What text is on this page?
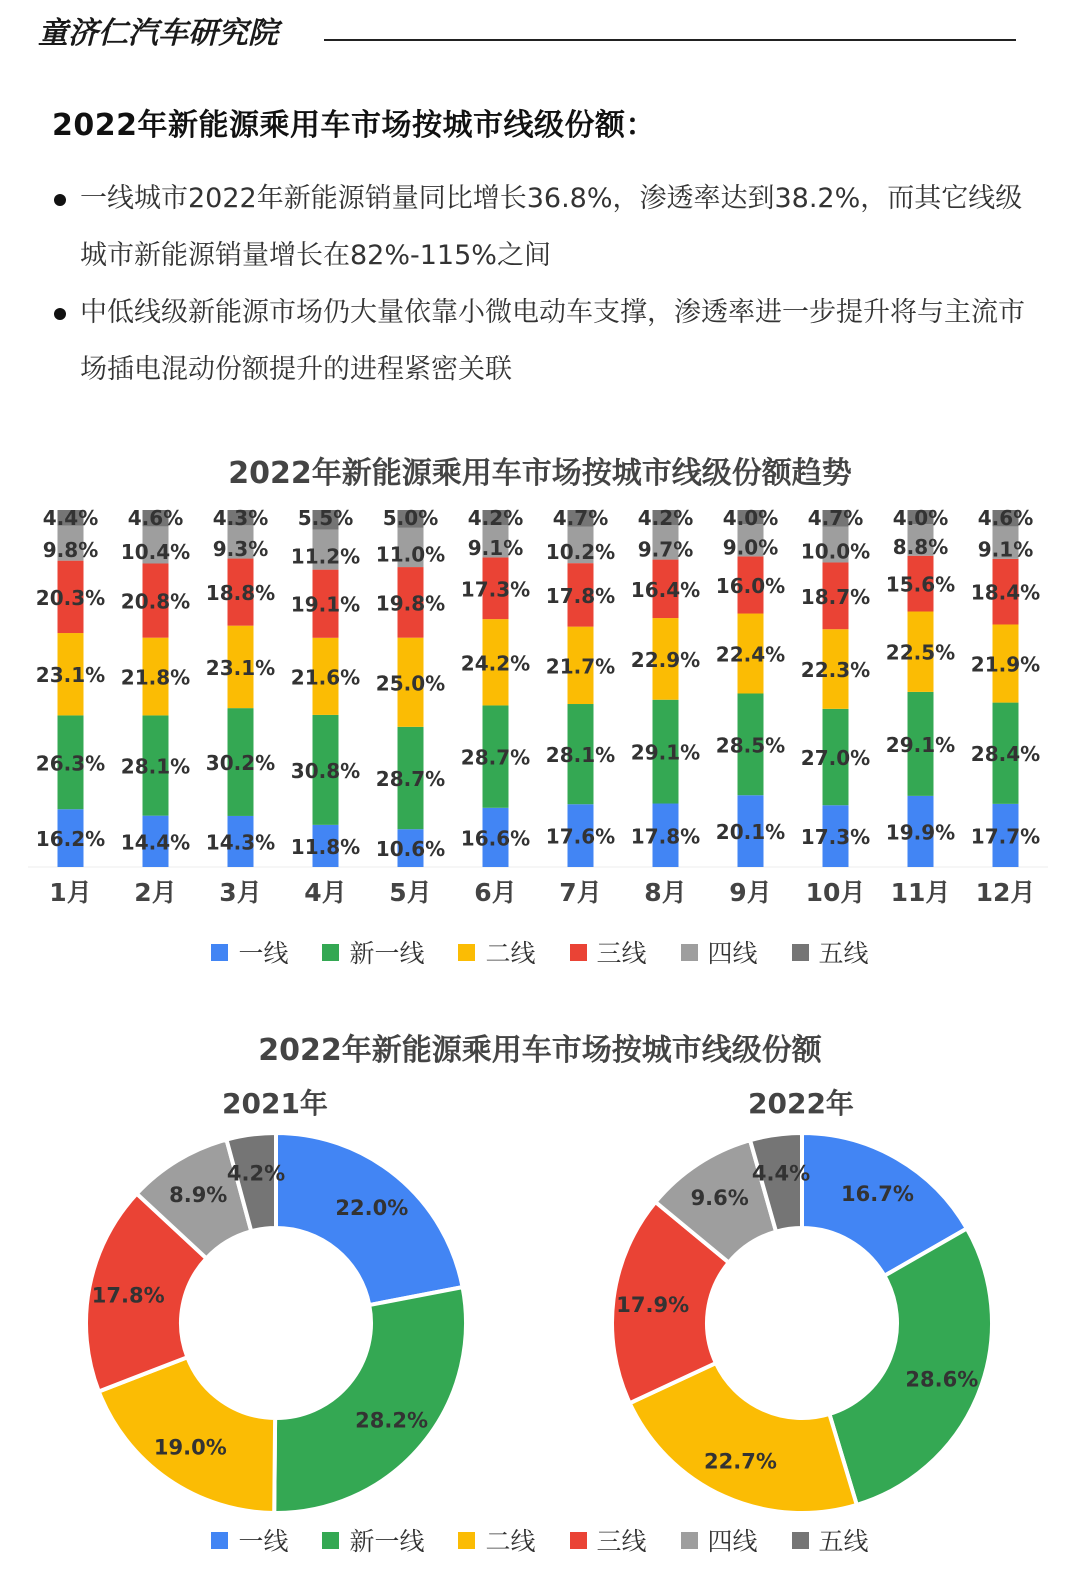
童济仁汽车研究院
2022年新能源乘用车市场按城市线级份额：
一线城市2022年新能源销量同比增长36.8%，渗透率达到38.2%，而其它线级城市新能源销量增长在82%-115%之间
中低线级新能源市场仍大量依靠小微电动车支撑，渗透率进一步提升将与主流市场插电混动份额提升的进程紧密关联
2022年新能源乘用车市场按城市线级份额趋势
16.2%
26.3%
23.1%
20.3%
9.8%
4.4%
1月
14.4%
28.1%
21.8%
20.8%
10.4%
4.6%
2月
14.3%
30.2%
23.1%
18.8%
9.3%
4.3%
3月
11.8%
30.8%
21.6%
19.1%
11.2%
5.5%
4月
10.6%
28.7%
25.0%
19.8%
11.0%
5.0%
5月
16.6%
28.7%
24.2%
17.3%
9.1%
4.2%
6月
17.6%
28.1%
21.7%
17.8%
10.2%
4.7%
7月
17.8%
29.1%
22.9%
16.4%
9.7%
4.2%
8月
20.1%
28.5%
22.4%
16.0%
9.0%
4.0%
9月
17.3%
27.0%
22.3%
18.7%
10.0%
4.7%
10月
19.9%
29.1%
22.5%
15.6%
8.8%
4.0%
11月
17.7%
28.4%
21.9%
18.4%
9.1%
4.6%
12月
一线 新一线 二线 三线 四线 五线
2022年新能源乘用车市场按城市线级份额
2021年	2022年
22.0%
28.2%
19.0%
17.8%
8.9%
4.2%
16.7%
28.6%
22.7%
17.9%
9.6%
4.4%
一线 新一线 二线 三线 四线 五线
